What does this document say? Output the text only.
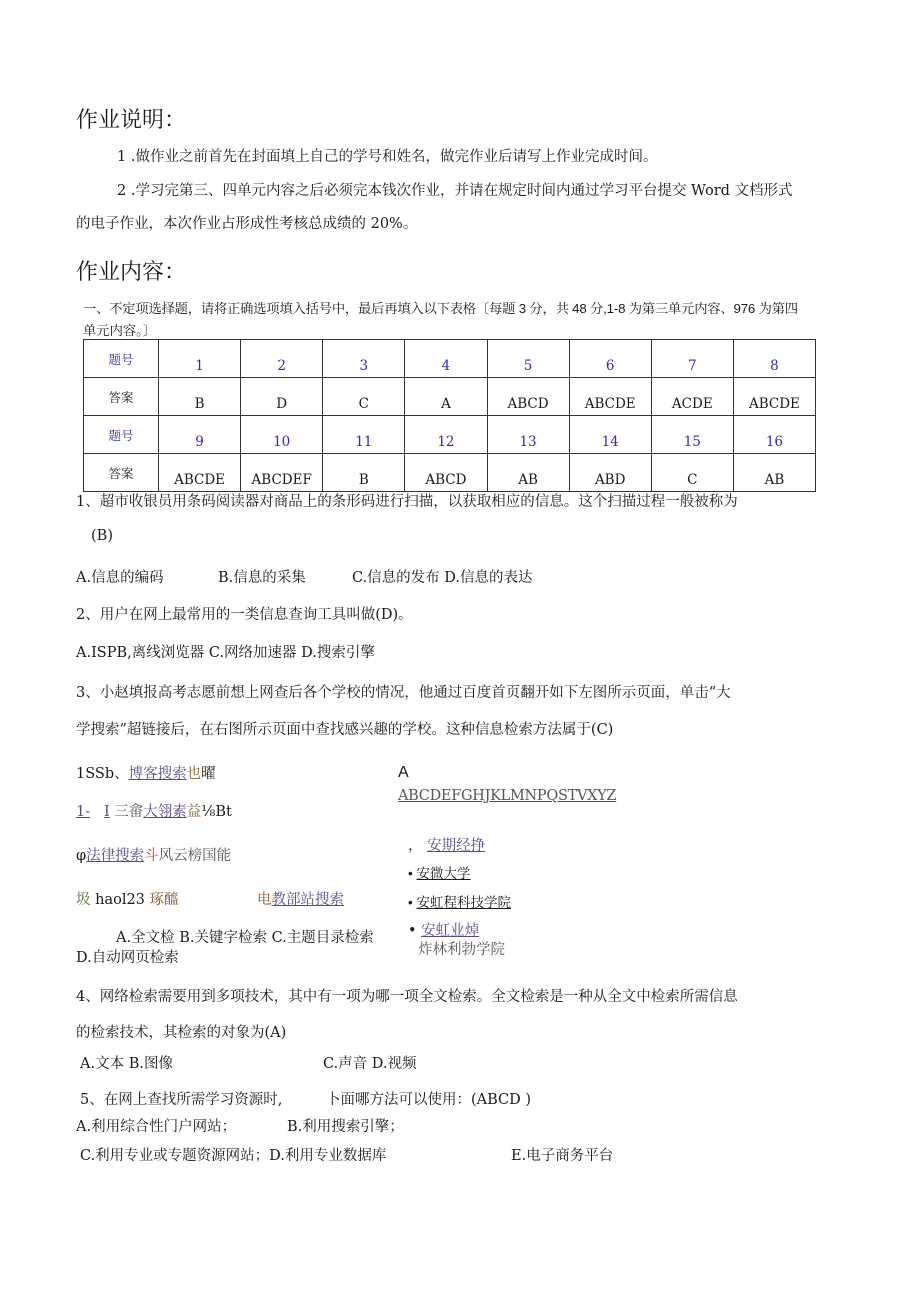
作业说明：
1 .做作业之前首先在封面填上自己的学号和姓名，做完作业后请写上作业完成时间。
2 .学习完第三、四单元内容之后必须完本钱次作业，并请在规定时间内通过学习平台提交 Word 文档形式
的电子作业，本次作业占形成性考核总成绩的 20%。
作业内容：
一、不定项选择题，请将正确选项填入括号中，最后再填入以下表格〔每题 3 分，共 48 分,1-8 为第三单元内容、976 为第四
单元内容。〕
题号	1	2	3	4	5	6	7	8
答案	B	D	C	A	ABCD	ABCDE	ACDE	ABCDE
题号	9	10	11	12	13	14	15	16
答案	ABCDE	ABCDEF	B	ABCD	AB	ABD	C	AB
1、超市收银员用条码阅读器对商品上的条形码进行扫描，以获取相应的信息。这个扫描过程一般被称为
(B)
A.信息的编码	B.信息的采集	C.信息的发布 D.信息的表达
2、用户在网上最常用的一类信息查询工具叫做(D)。
A.ISPB,离线浏览器 C.网络加速器 D.搜索引擎
3、小赵填报高考志愿前想上网查后各个学校的情况，他通过百度首页翻开如下左图所示页面，单击“大
学搜索”超链接后，在右图所示页面中查找感兴趣的学校。这种信息检索方法属于(C)
1SSb、博客搜索也曜
1- I 三畲大翎素益⅛Bt
φ法律搜索斗风云榜国能
圾 haol23 琢醯	电教部站搜索
A
ABCDEFGHJKLMNPQSTVXYZ
， 安期经挣
• 安微大学
• 安虹程科技学院
• 安虹业焯
炸林利勃学院
A.全文检 B.关键字检索 C.主题目录检索
D.自动网页检索
4、网络检索需要用到多项技术，其中有一项为哪一项全文检索。全文检索是一种从全文中检索所需信息
的检索技术，其检索的对象为(A)
A.文本 B.图像	C.声音 D.视频
5、在网上查找所需学习资源时,	卜面哪方法可以使用：(ABCD )
A.利用综合性门户网站；	B.利用搜索引擎；
C.利用专业或专题资源网站；D.利用专业数据库	E.电子商务平台
